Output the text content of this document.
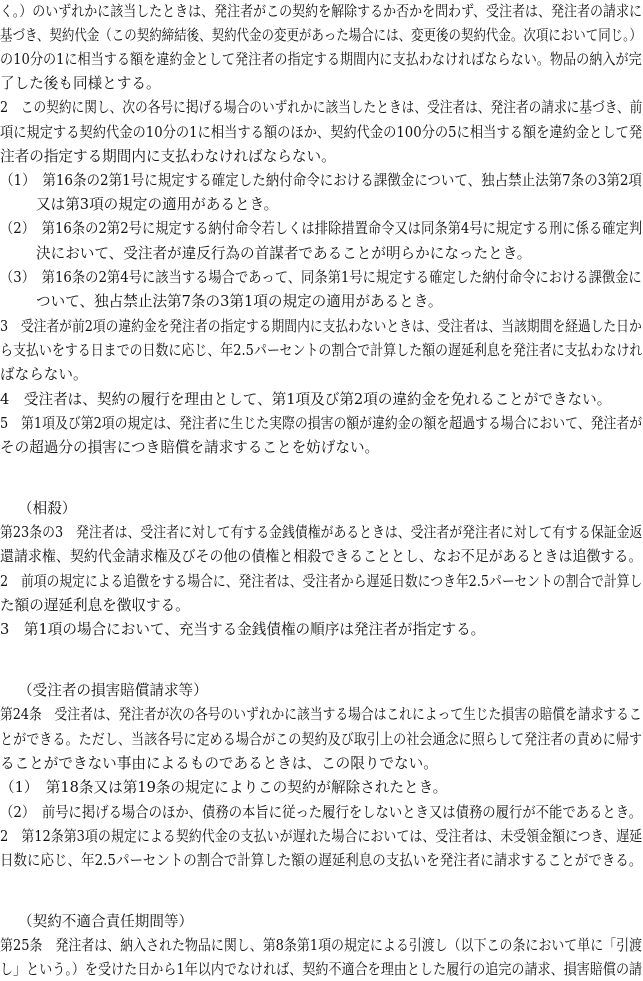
く。）のいずれかに該当したときは、発注者がこの契約を解除するか否かを問わず、受注者は、発注者の請求に
基づき、契約代金（この契約締結後、契約代金の変更があった場合には、変更後の契約代金。次項において同じ。）
の10分の1に相当する額を違約金として発注者の指定する期間内に支払わなければならない。物品の納入が完
了した後も同様とする。
2　この契約に関し、次の各号に掲げる場合のいずれかに該当したときは、受注者は、発注者の請求に基づき、前
項に規定する契約代金の10分の1に相当する額のほか、契約代金の100分の5に相当する額を違約金として発
注者の指定する期間内に支払わなければならない。
（1）　第16条の2第1号に規定する確定した納付命令における課徴金について、独占禁止法第7条の3第2項
又は第3項の規定の適用があるとき。
（2）　第16条の2第2号に規定する納付命令若しくは排除措置命令又は同条第4号に規定する刑に係る確定判
決において、受注者が違反行為の首謀者であることが明らかになったとき。
（3）　第16条の2第4号に該当する場合であって、同条第1号に規定する確定した納付命令における課徴金に
ついて、独占禁止法第7条の3第1項の規定の適用があるとき。
3　受注者が前2項の違約金を発注者の指定する期間内に支払わないときは、受注者は、当該期間を経過した日か
ら支払いをする日までの日数に応じ、年2.5パーセントの割合で計算した額の遅延利息を発注者に支払わなけれ
ばならない。
4　受注者は、契約の履行を理由として、第1項及び第2項の違約金を免れることができない。
5　第1項及び第2項の規定は、発注者に生じた実際の損害の額が違約金の額を超過する場合において、発注者が
その超過分の損害につき賠償を請求することを妨げない。
（相殺）
第23条の3　発注者は、受注者に対して有する金銭債権があるときは、受注者が発注者に対して有する保証金返
還請求権、契約代金請求権及びその他の債権と相殺できることとし、なお不足があるときは追徴する。
2　前項の規定による追徴をする場合に、発注者は、受注者から遅延日数につき年2.5パーセントの割合で計算し
た額の遅延利息を徴収する。
3　第1項の場合において、充当する金銭債権の順序は発注者が指定する。
（受注者の損害賠償請求等）
第24条　受注者は、発注者が次の各号のいずれかに該当する場合はこれによって生じた損害の賠償を請求するこ
とができる。ただし、当該各号に定める場合がこの契約及び取引上の社会通念に照らして発注者の責めに帰す
ることができない事由によるものであるときは、この限りでない。
（1）　第18条又は第19条の規定によりこの契約が解除されたとき。
（2）　前号に掲げる場合のほか、債務の本旨に従った履行をしないとき又は債務の履行が不能であるとき。
2　第12条第3項の規定による契約代金の支払いが遅れた場合においては、受注者は、未受領金額につき、遅延
日数に応じ、年2.5パーセントの割合で計算した額の遅延利息の支払いを発注者に請求することができる。
（契約不適合責任期間等）
第25条　発注者は、納入された物品に関し、第8条第1項の規定による引渡し（以下この条において単に「引渡
し」という。）を受けた日から1年以内でなければ、契約不適合を理由とした履行の追完の請求、損害賠償の請
